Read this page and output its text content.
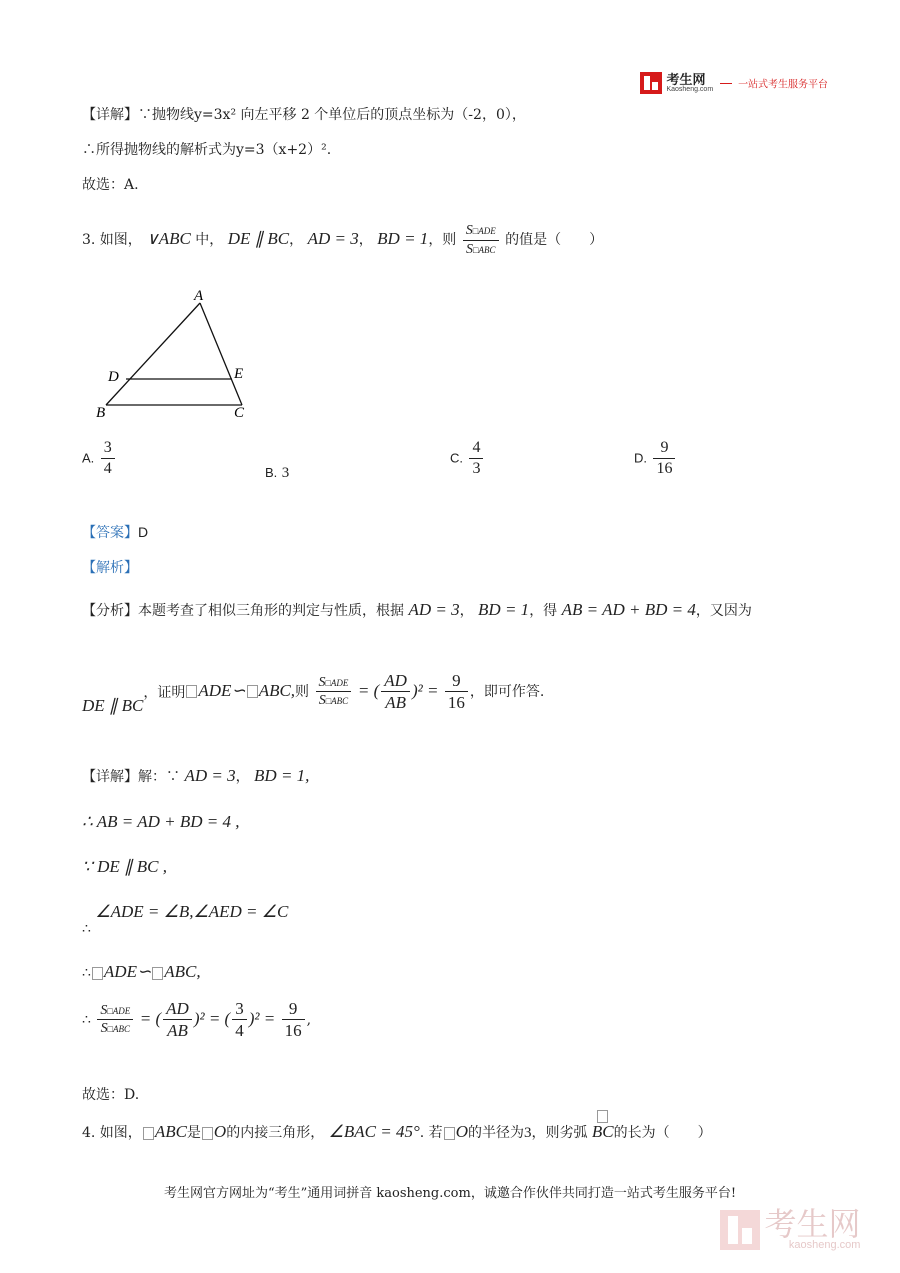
考生网
Kaosheng.com 一站式考生服务平台
【详解】∵抛物线y=3x² 向左平移 2 个单位后的顶点坐标为（-2，0），
∴所得抛物线的解析式为y=3（x+2）².
故选：A.
3. 如图， ∨ABC 中， DE ∥ BC， AD = 3， BD = 1，则 $\frac{\text{S□ADE}}{\text{S□ABC}}$ 的值是（　　）
A
D	E
B	C
A. $\frac{3}{4}$	B. 3
C. $\frac{4}{3}$	D. $\frac{9}{16}$
【答案】D
【解析】
【分析】本题考查了相似三角形的判定与性质，根据 AD = 3， BD = 1，得 AB = AD + BD = 4，又因为
DE ∥ BC，证明 ADE∽ ABC,则 $\frac{\text{S□ADE}}{\text{S□ABC}}$ = ( $\frac{AD}{AB} )^2 = \frac{9}{16}$ ，即可作答.
【详解】解：∵ AD = 3， BD = 1,
∴ AB = AD + BD = 4 ,
∵ DE ∥ BC ,
∴ ∠ADE = ∠B,∠AED = ∠C
∴ ADE∽ ABC,
∴ $\frac{\text{S□ADE}}{\text{S□ABC}}$ = ( $\frac{AD}{AB} )^2$ = ( $\frac{3}{4} )^2 = \frac{9}{16}$ ,
故选：D.
4. 如图， ABC是 O的内接三角形， ∠BAC = 45°. 若 O的半径为3，则劣弧 BC的长为（　　）
考生网官方网址为“考生”通用词拼音 kaosheng.com，诚邀合作伙伴共同打造一站式考生服务平台!

考生网
kaosheng.com
